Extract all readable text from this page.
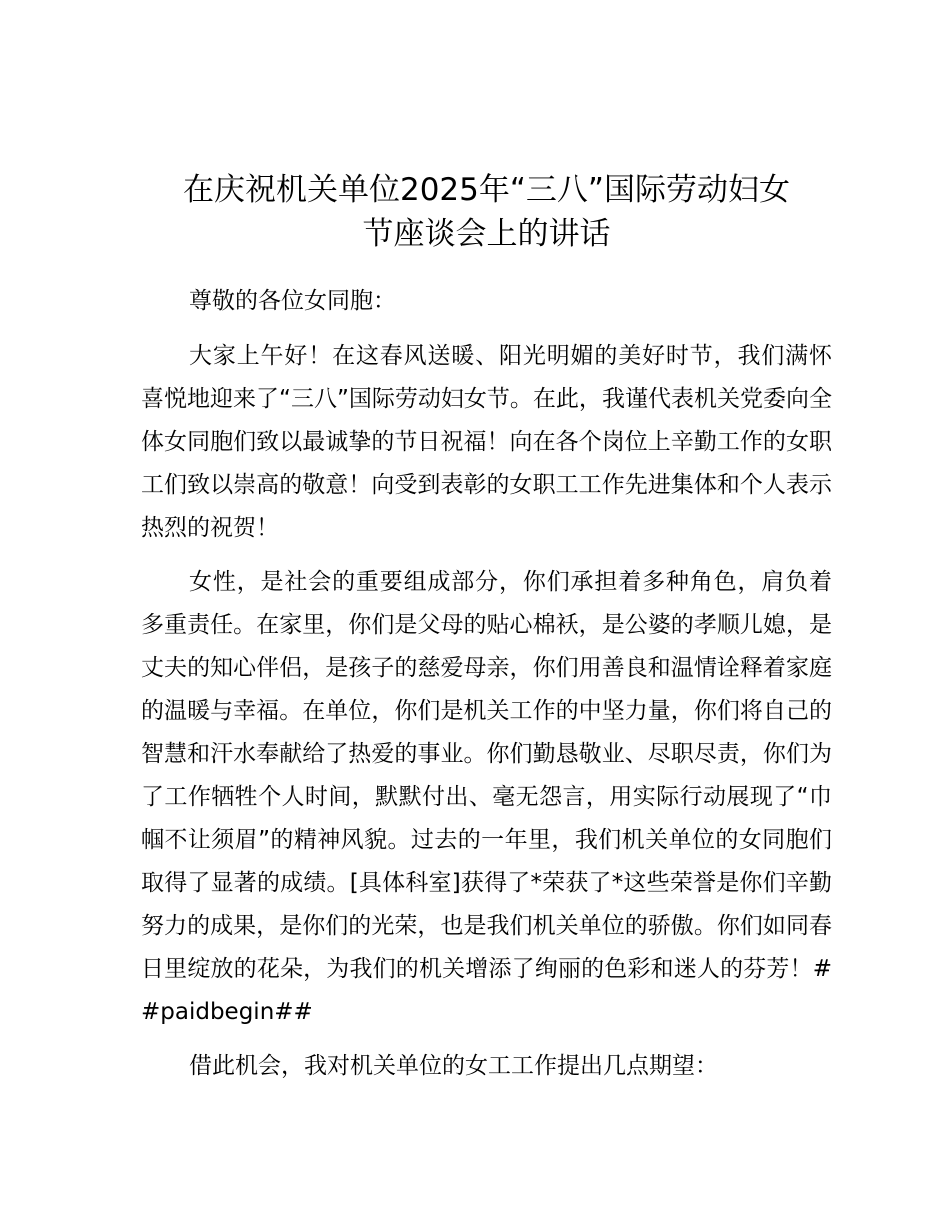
在庆祝机关单位2025年“三八”国际劳动妇女
节座谈会上的讲话

尊敬的各位女同胞：

大家上午好！在这春风送暖、阳光明媚的美好时节，我们满怀喜悦地迎来了“三八”国际劳动妇女节。在此，我谨代表机关党委向全体女同胞们致以最诚挚的节日祝福！向在各个岗位上辛勤工作的女职工们致以崇高的敬意！向受到表彰的女职工工作先进集体和个人表示热烈的祝贺！

女性，是社会的重要组成部分，你们承担着多种角色，肩负着多重责任。在家里，你们是父母的贴心棉袄，是公婆的孝顺儿媳，是丈夫的知心伴侣，是孩子的慈爱母亲，你们用善良和温情诠释着家庭的温暖与幸福。在单位，你们是机关工作的中坚力量，你们将自己的智慧和汗水奉献给了热爱的事业。你们勤恳敬业、尽职尽责，你们为了工作牺牲个人时间，默默付出、毫无怨言，用实际行动展现了“巾帼不让须眉”的精神风貌。过去的一年里，我们机关单位的女同胞们取得了显著的成绩。[具体科室]获得了*荣获了*这些荣誉是你们辛勤努力的成果，是你们的光荣，也是我们机关单位的骄傲。你们如同春日里绽放的花朵，为我们的机关增添了绚丽的色彩和迷人的芬芳！##paidbegin##

借此机会，我对机关单位的女工工作提出几点期望：
